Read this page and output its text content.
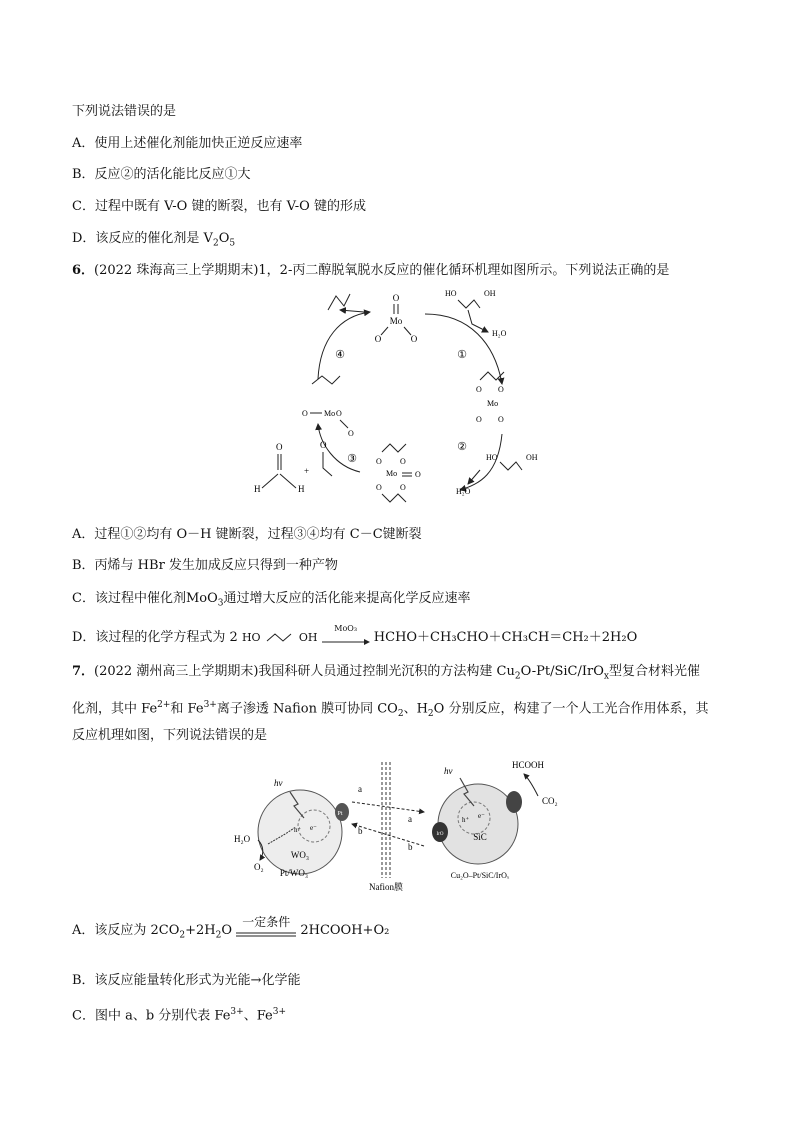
下列说法错误的是
A．使用上述催化剂能加快正逆反应速率
B．反应②的活化能比反应①大
C．过程中既有 V-O 键的断裂，也有 V-O 键的形成
D．该反应的催化剂是 $V_2O_5$
6．(2022 珠海高三上学期期末)1，2-丙二醇脱氧脱水反应的催化循环机理如图所示。下列说法正确的是
O
Mo
O	O
①
②
③
④
HO	OH
H₂O
O O
Mo
O O
HO	OH
H₂O
O O
Mo O
O O
O	O
Mo
O
O
H	H
+
O
A．过程①②均有 O－H 键断裂，过程③④均有 C－C键断裂
B．丙烯与 HBr 发生加成反应只得到一种产物
C．该过程中催化剂MoO$_3$通过增大反应的活化能来提高化学反应速率
D．该过程的化学方程式为 2 HO	OH
MoO₃
HCHO＋CH₃CHO＋CH₃CH＝CH₂＋2H₂O
7．(2022 潮州高三上学期期末)我国科研人员通过控制光沉积的方法构建 $Cu_2O-Pt/SiC/IrO_x$型复合材料光催
化剂，其中 $Fe^{2+}$和 $Fe^{3+}$离子渗透 Nafion 膜可协同 $CO_2$、$H_2O$ 分别反应，构建了一个人工光合作用体系，其
反应机理如图，下列说法错误的是
Pt
hν
h⁺ e⁻
H₂O
O₂
WO₃
Pt/WO₃
Nafion膜
a
a
b
b
IrO
hν
h⁺ e⁻
SiC
HCOOH
CO₂
Cu₂O–Pt/SiC/IrOₓ
A．该反应为 $2CO_2+2H_2O$
一定条件
2HCOOH+O₂
B．该反应能量转化形式为光能→化学能
C．图中 a、b 分别代表 $Fe^{3+}$、$Fe^{3+}$
